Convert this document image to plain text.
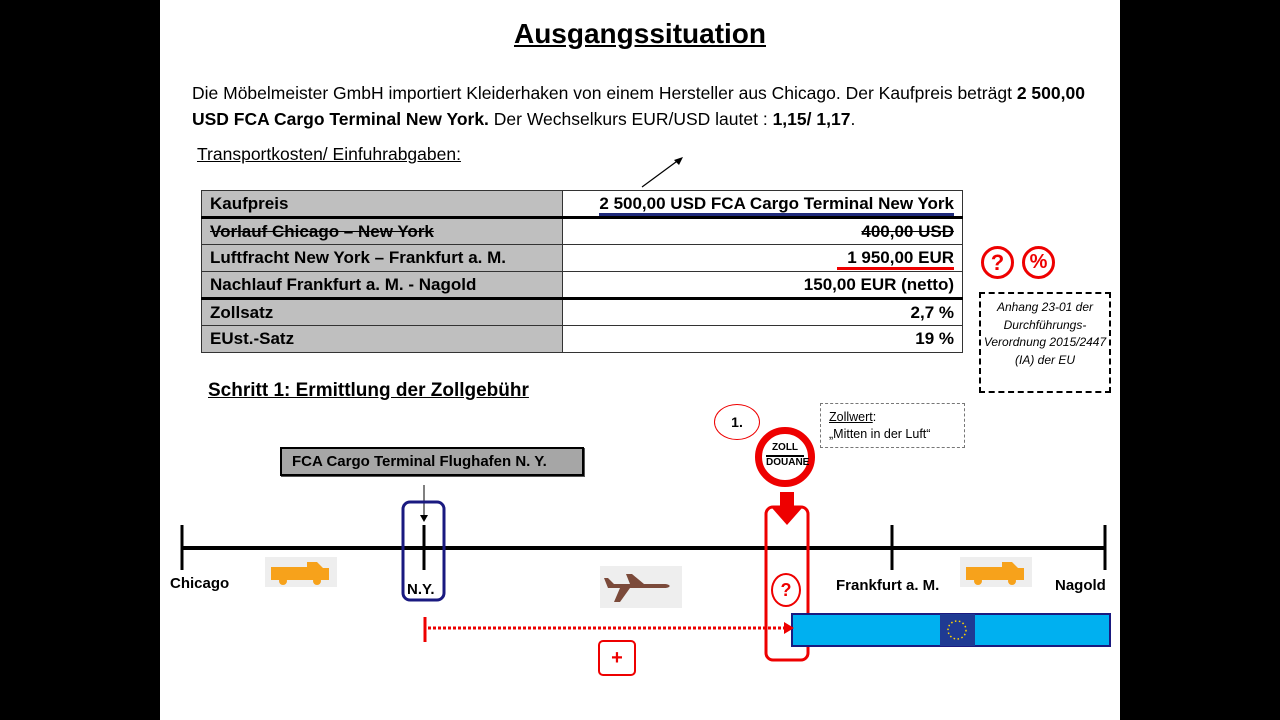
Ausgangssituation
Die Möbelmeister GmbH importiert Kleiderhaken von einem Hersteller aus Chicago. Der Kaufpreis beträgt 2 500,00 USD FCA Cargo Terminal New York. Der Wechselkurs EUR/USD lautet : 1,15/ 1,17.
Transportkosten/ Einfuhrabgaben:
Kaufpreis	2 500,00 USD FCA Cargo Terminal New York
Vorlauf Chicago – New York	400,00 USD
Luftfracht New York – Frankfurt a. M.	1 950,00 EUR
Nachlauf Frankfurt a. M. - Nagold	150,00 EUR (netto)
Zollsatz	2,7 %
EUst.-Satz	19 %
?	%
Anhang 23-01 der Durchführungs-Verordnung 2015/2447 (IA) der EU
Schritt 1: Ermittlung der Zollgebühr
FCA Cargo Terminal Flughafen N. Y.
1.	Zollwert:
„Mitten in der Luft“
ZOLL
DOUANE
?
+
Chicago	N.Y.	Frankfurt a. M.	Nagold
